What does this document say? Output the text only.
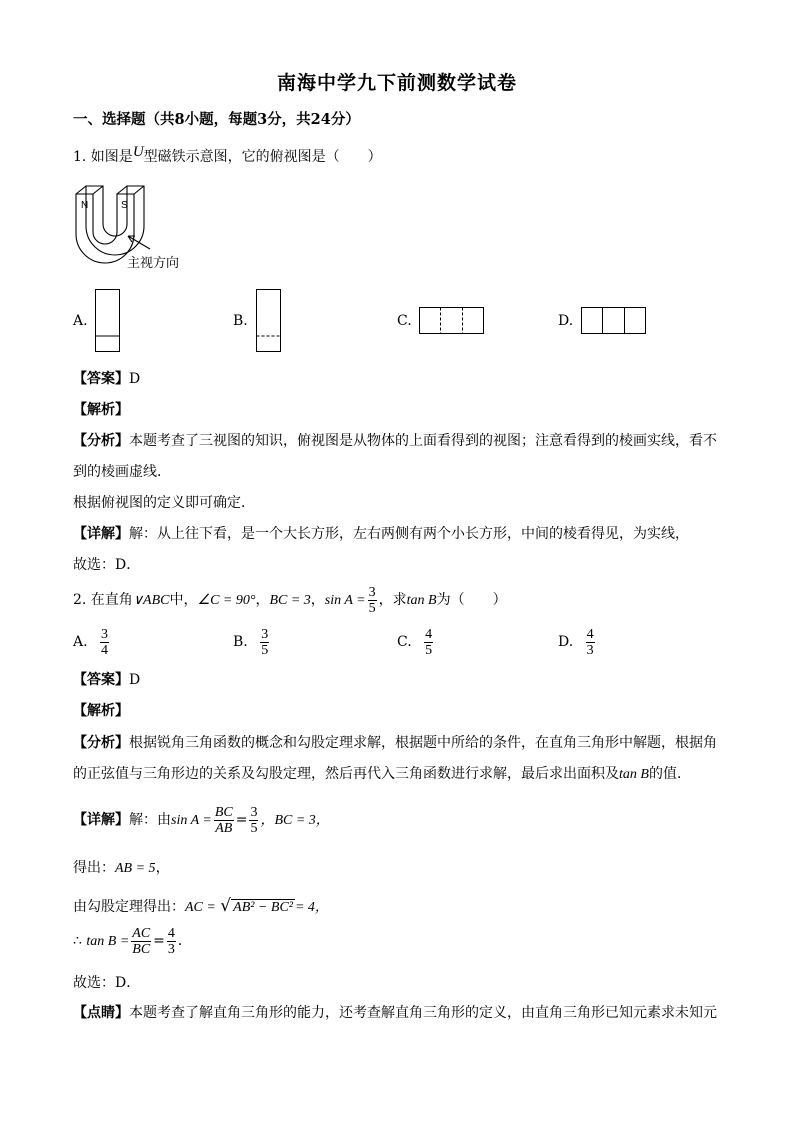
南海中学九下前测数学试卷
一、选择题（共8小题，每题3分，共24分）
1. 如图是U型磁铁示意图，它的俯视图是（　　）
N	S
主视方向
A.	B.	C.	D.
【答案】D
【解析】
【分析】本题考查了三视图的知识，俯视图是从物体的上面看得到的视图；注意看得到的棱画实线，看不
到的棱画虚线．
根据俯视图的定义即可确定．
【详解】解：从上往下看，是一个大长方形，左右两侧有两个小长方形，中间的棱看得见，为实线，
故选：D．
2. 在直角∨ABC中，∠C = 90°，BC = 3，$\sin A = \frac{3}{5}$ ，求tan B为（　　）
A. $\frac{3}{4}$	B. $\frac{3}{5}$	C. $\frac{4}{5}$	D. $\frac{4}{3}$
【答案】D
【解析】
【分析】根据锐角三角函数的概念和勾股定理求解，根据题中所给的条件，在直角三角形中解题，根据角
的正弦值与三角形边的关系及勾股定理，然后再代入三角函数进行求解，最后求出面积及tan B的值．
【详解】解：由$\sin A = \frac{BC}{AB} = \frac{3}{5}$ ，BC = 3，
得出：AB = 5，
由勾股定理得出：AC = √ AB² − BC² = 4，
∴ $\tan B = \frac{AC}{BC} = \frac{4}{3}$ ．
故选：D．
【点睛】本题考查了解直角三角形的能力，还考查解直角三角形的定义，由直角三角形已知元素求未知元
